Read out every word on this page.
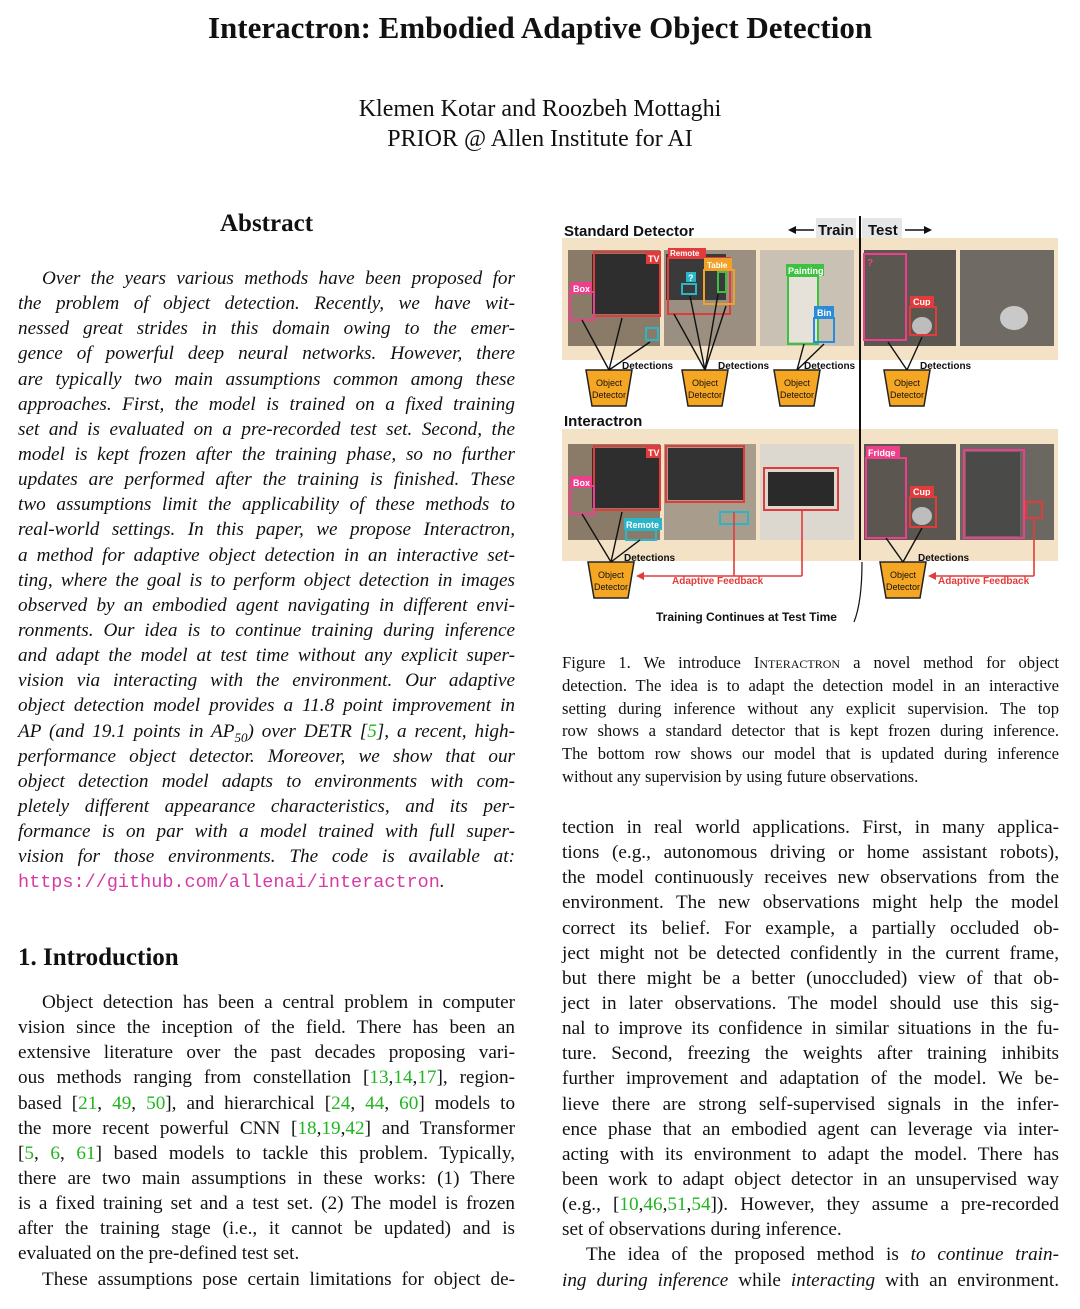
Interactron: Embodied Adaptive Object Detection
Klemen Kotar and Roozbeh Mottaghi
PRIOR @ Allen Institute for AI
Abstract
Over the years various methods have been proposed for
the problem of object detection. Recently, we have wit-
nessed great strides in this domain owing to the emer-
gence of powerful deep neural networks. However, there
are typically two main assumptions common among these
approaches. First, the model is trained on a fixed training
set and is evaluated on a pre-recorded test set. Second, the
model is kept frozen after the training phase, so no further
updates are performed after the training is finished. These
two assumptions limit the applicability of these methods to
real-world settings. In this paper, we propose Interactron,
a method for adaptive object detection in an interactive set-
ting, where the goal is to perform object detection in images
observed by an embodied agent navigating in different envi-
ronments. Our idea is to continue training during inference
and adapt the model at test time without any explicit super-
vision via interacting with the environment. Our adaptive
object detection model provides a 11.8 point improvement in
AP (and 19.1 points in $AP_{50}$) over DETR [5], a recent, high-
performance object detector. Moreover, we show that our
object detection model adapts to environments with com-
pletely different appearance characteristics, and its per-
formance is on par with a model trained with full super-
vision for those environments. The code is available at:
https://github.com/allenai/interactron.
1. Introduction
Object detection has been a central problem in computer
vision since the inception of the field. There has been an
extensive literature over the past decades proposing vari-
ous methods ranging from constellation [13,14,17], region-
based [21, 49, 50], and hierarchical [24, 44, 60] models to
the more recent powerful CNN [18,19,42] and Transformer
[5, 6, 61] based models to tackle this problem. Typically,
there are two main assumptions in these works: (1) There
is a fixed training set and a test set. (2) The model is frozen
after the training stage (i.e., it cannot be updated) and is
evaluated on the pre-defined test set.
These assumptions pose certain limitations for object de-
Standard Detector	Train Test
TV
Box
Remote
Table
?
Painting
Bin
?
Cup
Object
Detector
Object
Detector
Object
Detector
Object
Detector
Detections	Detections	Detections	Detections
Interactron
TV
Box
Remote
Fridge
Cup
Object
Detector
Object
Detector
Detections	Detections
Adaptive Feedback	Adaptive Feedback
Training Continues at Test Time
Figure 1. We introduce Interactron a novel method for object
detection. The idea is to adapt the detection model in an interactive
setting during inference without any explicit supervision. The top
row shows a standard detector that is kept frozen during inference.
The bottom row shows our model that is updated during inference
without any supervision by using future observations.
tection in real world applications. First, in many applica-
tions (e.g., autonomous driving or home assistant robots),
the model continuously receives new observations from the
environment. The new observations might help the model
correct its belief. For example, a partially occluded ob-
ject might not be detected confidently in the current frame,
but there might be a better (unoccluded) view of that ob-
ject in later observations. The model should use this sig-
nal to improve its confidence in similar situations in the fu-
ture. Second, freezing the weights after training inhibits
further improvement and adaptation of the model. We be-
lieve there are strong self-supervised signals in the infer-
ence phase that an embodied agent can leverage via inter-
acting with its environment to adapt the model. There has
been work to adapt object detector in an unsupervised way
(e.g., [10,46,51,54]). However, they assume a pre-recorded
set of observations during inference.
The idea of the proposed method is to continue train-
ing during inference while interacting with an environment.
